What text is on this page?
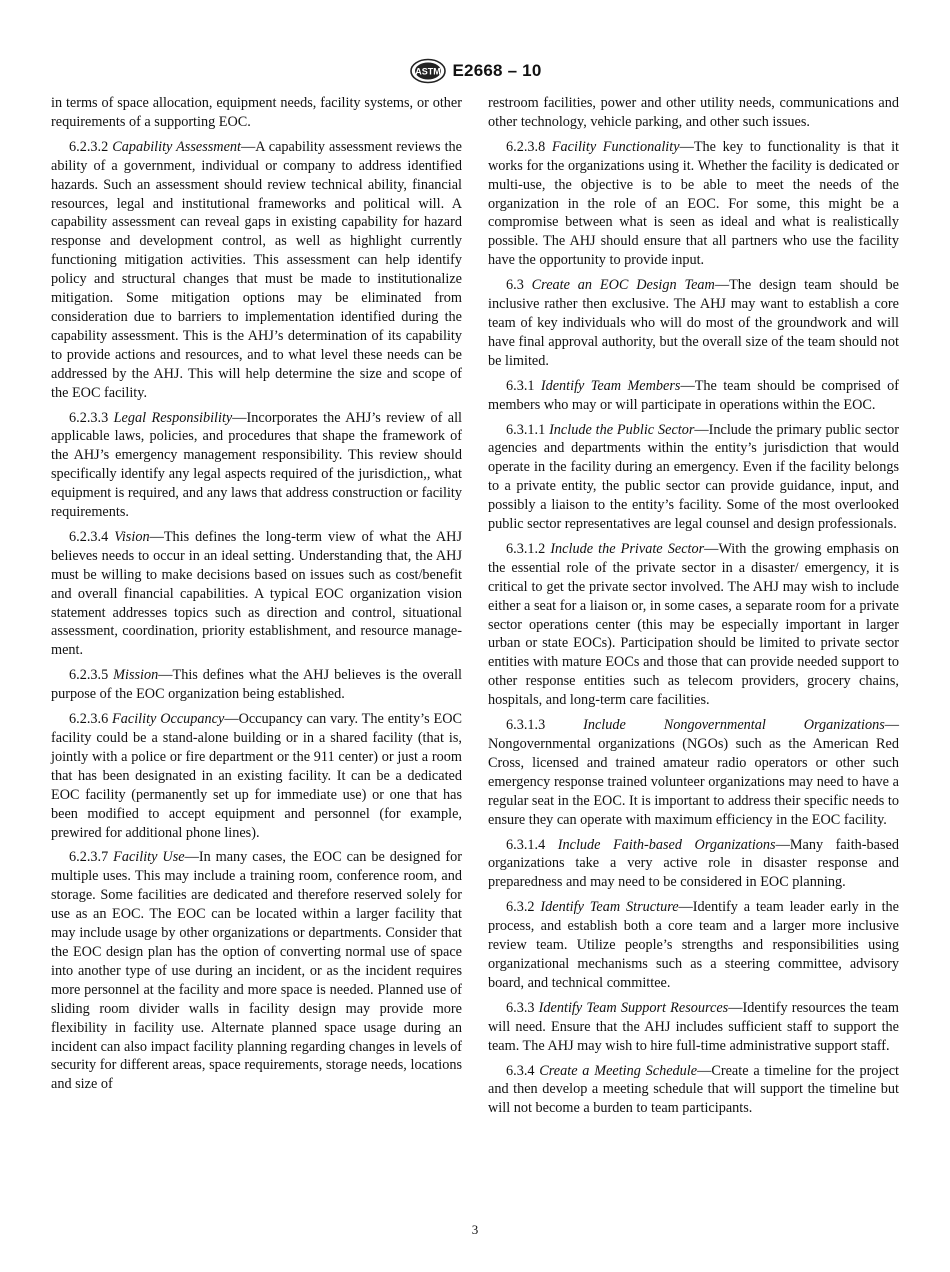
ASTM E2668 – 10

in terms of space allocation, equipment needs, facility systems, or other requirements of a supporting EOC.

6.2.3.2 Capability Assessment—A capability assessment reviews the ability of a government, individual or company to address identified hazards. Such an assessment should review technical ability, financial resources, legal and institutional frameworks and political will. A capability assessment can reveal gaps in existing capability for hazard response and development control, as well as highlight currently functioning mitigation activities. This assessment can help identify policy and structural changes that must be made to institutionalize mitigation. Some mitigation options may be eliminated from consideration due to barriers to implementation identified during the capability assessment. This is the AHJ’s determination of its capability to provide actions and resources, and to what level these needs can be addressed by the AHJ. This will help determine the size and scope of the EOC facility.

6.2.3.3 Legal Responsibility—Incorporates the AHJ’s review of all applicable laws, policies, and procedures that shape the framework of the AHJ’s emergency management responsibility. This review should specifically identify any legal aspects required of the jurisdiction,, what equipment is required, and any laws that address construction or facility requirements.

6.2.3.4 Vision—This defines the long-term view of what the AHJ believes needs to occur in an ideal setting. Understanding that, the AHJ must be willing to make decisions based on issues such as cost/benefit and overall financial capabilities. A typical EOC organization vision statement addresses topics such as direction and control, situational assessment, coordination, priority establishment, and resource management.

6.2.3.5 Mission—This defines what the AHJ believes is the overall purpose of the EOC organization being established.

6.2.3.6 Facility Occupancy—Occupancy can vary. The entity’s EOC facility could be a stand-alone building or in a shared facility (that is, jointly with a police or fire department or the 911 center) or just a room that has been designated in an existing facility. It can be a dedicated EOC facility (permanently set up for immediate use) or one that has been modified to accept equipment and personnel (for example, prewired for additional phone lines).

6.2.3.7 Facility Use—In many cases, the EOC can be designed for multiple uses. This may include a training room, conference room, and storage. Some facilities are dedicated and therefore reserved solely for use as an EOC. The EOC can be located within a larger facility that may include usage by other organizations or departments. Consider that the EOC design plan has the option of converting normal use of space into another type of use during an incident, or as the incident requires more personnel at the facility and more space is needed. Planned use of sliding room divider walls in facility design may provide more flexibility in facility use. Alternate planned space usage during an incident can also impact facility planning regarding changes in levels of security for different areas, space requirements, storage needs, locations and size of

restroom facilities, power and other utility needs, communications and other technology, vehicle parking, and other such issues.

6.2.3.8 Facility Functionality—The key to functionality is that it works for the organizations using it. Whether the facility is dedicated or multi-use, the objective is to be able to meet the needs of the organization in the role of an EOC. For some, this might be a compromise between what is seen as ideal and what is realistically possible. The AHJ should ensure that all partners who use the facility have the opportunity to provide input.

6.3 Create an EOC Design Team—The design team should be inclusive rather then exclusive. The AHJ may want to establish a core team of key individuals who will do most of the groundwork and will have final approval authority, but the overall size of the team should not be limited.

6.3.1 Identify Team Members—The team should be comprised of members who may or will participate in operations within the EOC.

6.3.1.1 Include the Public Sector—Include the primary public sector agencies and departments within the entity’s jurisdiction that would operate in the facility during an emergency. Even if the facility belongs to a private entity, the public sector can provide guidance, input, and possibly a liaison to the entity’s facility. Some of the most overlooked public sector representatives are legal counsel and design professionals.

6.3.1.2 Include the Private Sector—With the growing emphasis on the essential role of the private sector in a disaster/ emergency, it is critical to get the private sector involved. The AHJ may wish to include either a seat for a liaison or, in some cases, a separate room for a private sector operations center (this may be especially important in larger urban or state EOCs). Participation should be limited to private sector entities with mature EOCs and those that can provide needed support to other response entities such as telecom providers, grocery chains, hospitals, and long-term care facilities.

6.3.1.3	Include Nongovernmental Organizations— Nongovernmental organizations (NGOs) such as the American Red Cross, licensed and trained amateur radio operators or other such emergency response trained volunteer organizations may need to have a regular seat in the EOC. It is important to address their specific needs to ensure they can operate with maximum efficiency in the EOC facility.

6.3.1.4 Include Faith-based Organizations—Many faith-based organizations take a very active role in disaster response and preparedness and may need to be considered in EOC planning.

6.3.2 Identify Team Structure—Identify a team leader early in the process, and establish both a core team and a larger more inclusive review team. Utilize people’s strengths and responsibilities using organizational mechanisms such as a steering committee, advisory board, and technical committee.

6.3.3 Identify Team Support Resources—Identify resources the team will need. Ensure that the AHJ includes sufficient staff to support the team. The AHJ may wish to hire full-time administrative support staff.

6.3.4 Create a Meeting Schedule—Create a timeline for the project and then develop a meeting schedule that will support the timeline but will not become a burden to team participants.

3
